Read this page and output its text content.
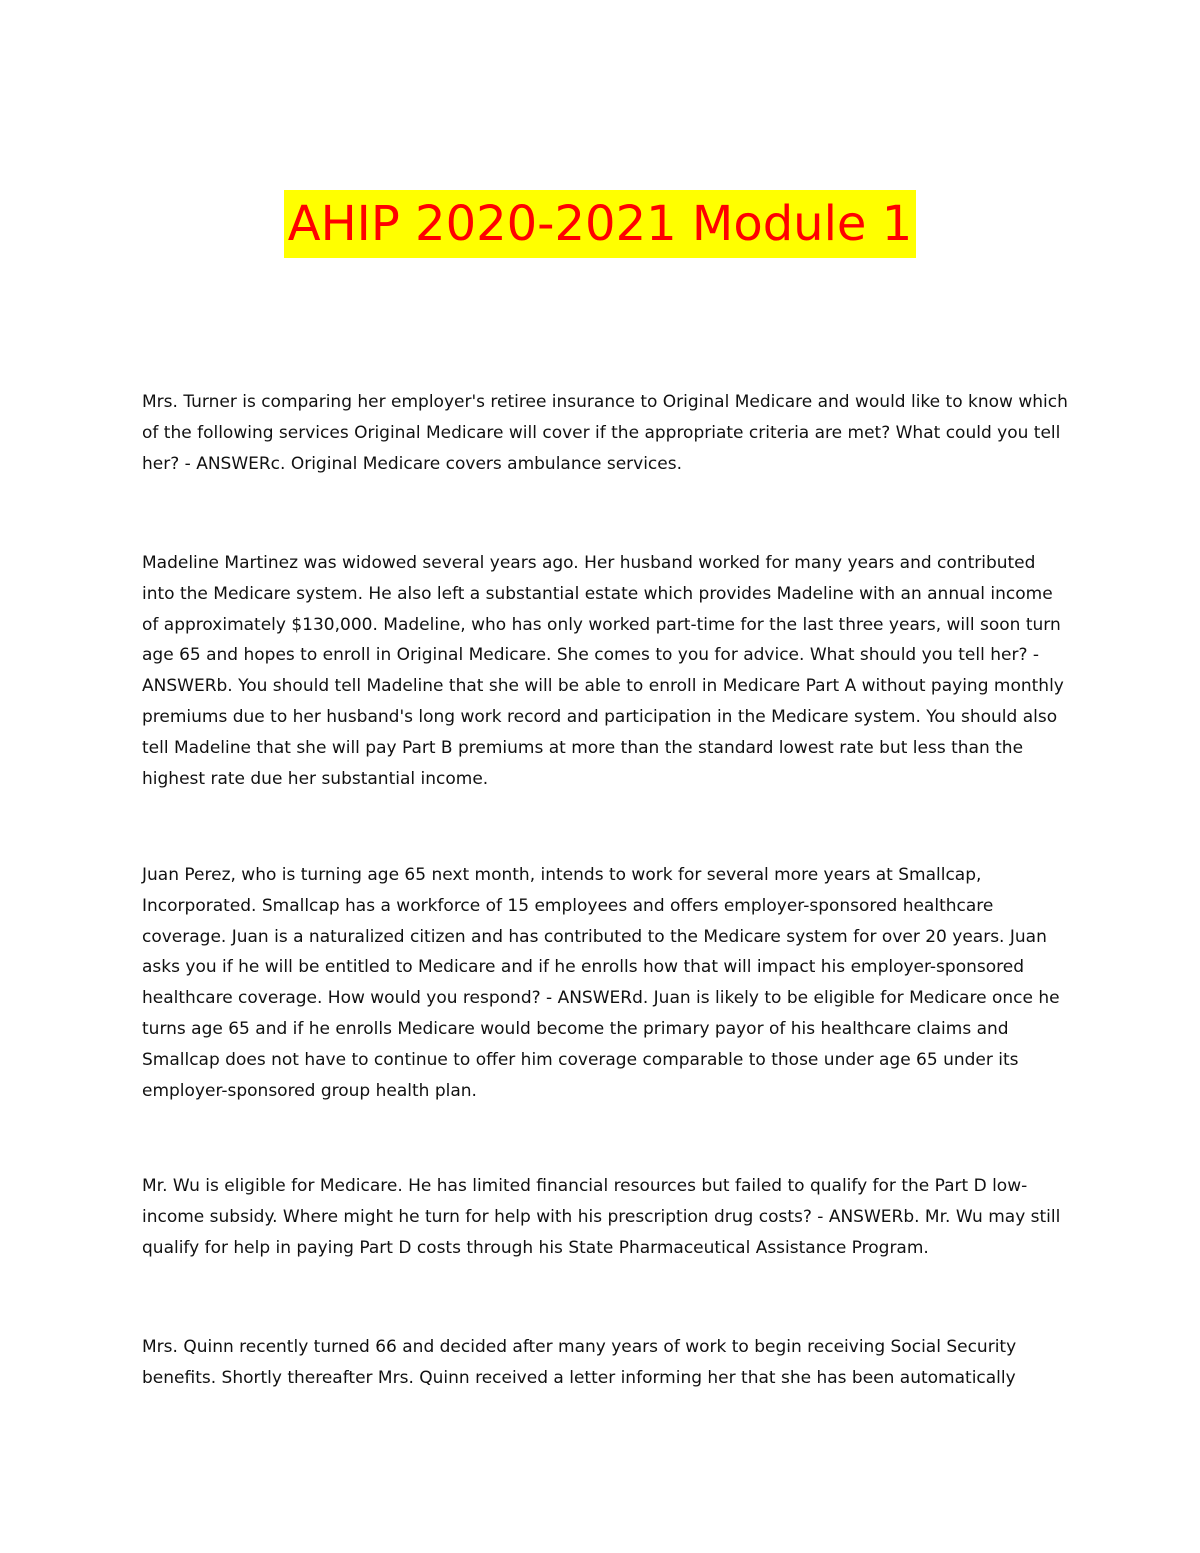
AHIP 2020-2021 Module 1

Mrs. Turner is comparing her employer's retiree insurance to Original Medicare and would like to know which of the following services Original Medicare will cover if the appropriate criteria are met? What could you tell her? - ANSWERc. Original Medicare covers ambulance services.

Madeline Martinez was widowed several years ago. Her husband worked for many years and contributed into the Medicare system. He also left a substantial estate which provides Madeline with an annual income of approximately $130,000. Madeline, who has only worked part-time for the last three years, will soon turn age 65 and hopes to enroll in Original Medicare. She comes to you for advice. What should you tell her? - ANSWERb. You should tell Madeline that she will be able to enroll in Medicare Part A without paying monthly premiums due to her husband's long work record and participation in the Medicare system. You should also tell Madeline that she will pay Part B premiums at more than the standard lowest rate but less than the highest rate due her substantial income.

Juan Perez, who is turning age 65 next month, intends to work for several more years at Smallcap, Incorporated. Smallcap has a workforce of 15 employees and offers employer-sponsored healthcare coverage. Juan is a naturalized citizen and has contributed to the Medicare system for over 20 years. Juan asks you if he will be entitled to Medicare and if he enrolls how that will impact his employer-sponsored healthcare coverage. How would you respond? - ANSWERd. Juan is likely to be eligible for Medicare once he turns age 65 and if he enrolls Medicare would become the primary payor of his healthcare claims and Smallcap does not have to continue to offer him coverage comparable to those under age 65 under its employer-sponsored group health plan.

Mr. Wu is eligible for Medicare. He has limited financial resources but failed to qualify for the Part D low-income subsidy. Where might he turn for help with his prescription drug costs? - ANSWERb. Mr. Wu may still qualify for help in paying Part D costs through his State Pharmaceutical Assistance Program.

Mrs. Quinn recently turned 66 and decided after many years of work to begin receiving Social Security benefits. Shortly thereafter Mrs. Quinn received a letter informing her that she has been automatically
